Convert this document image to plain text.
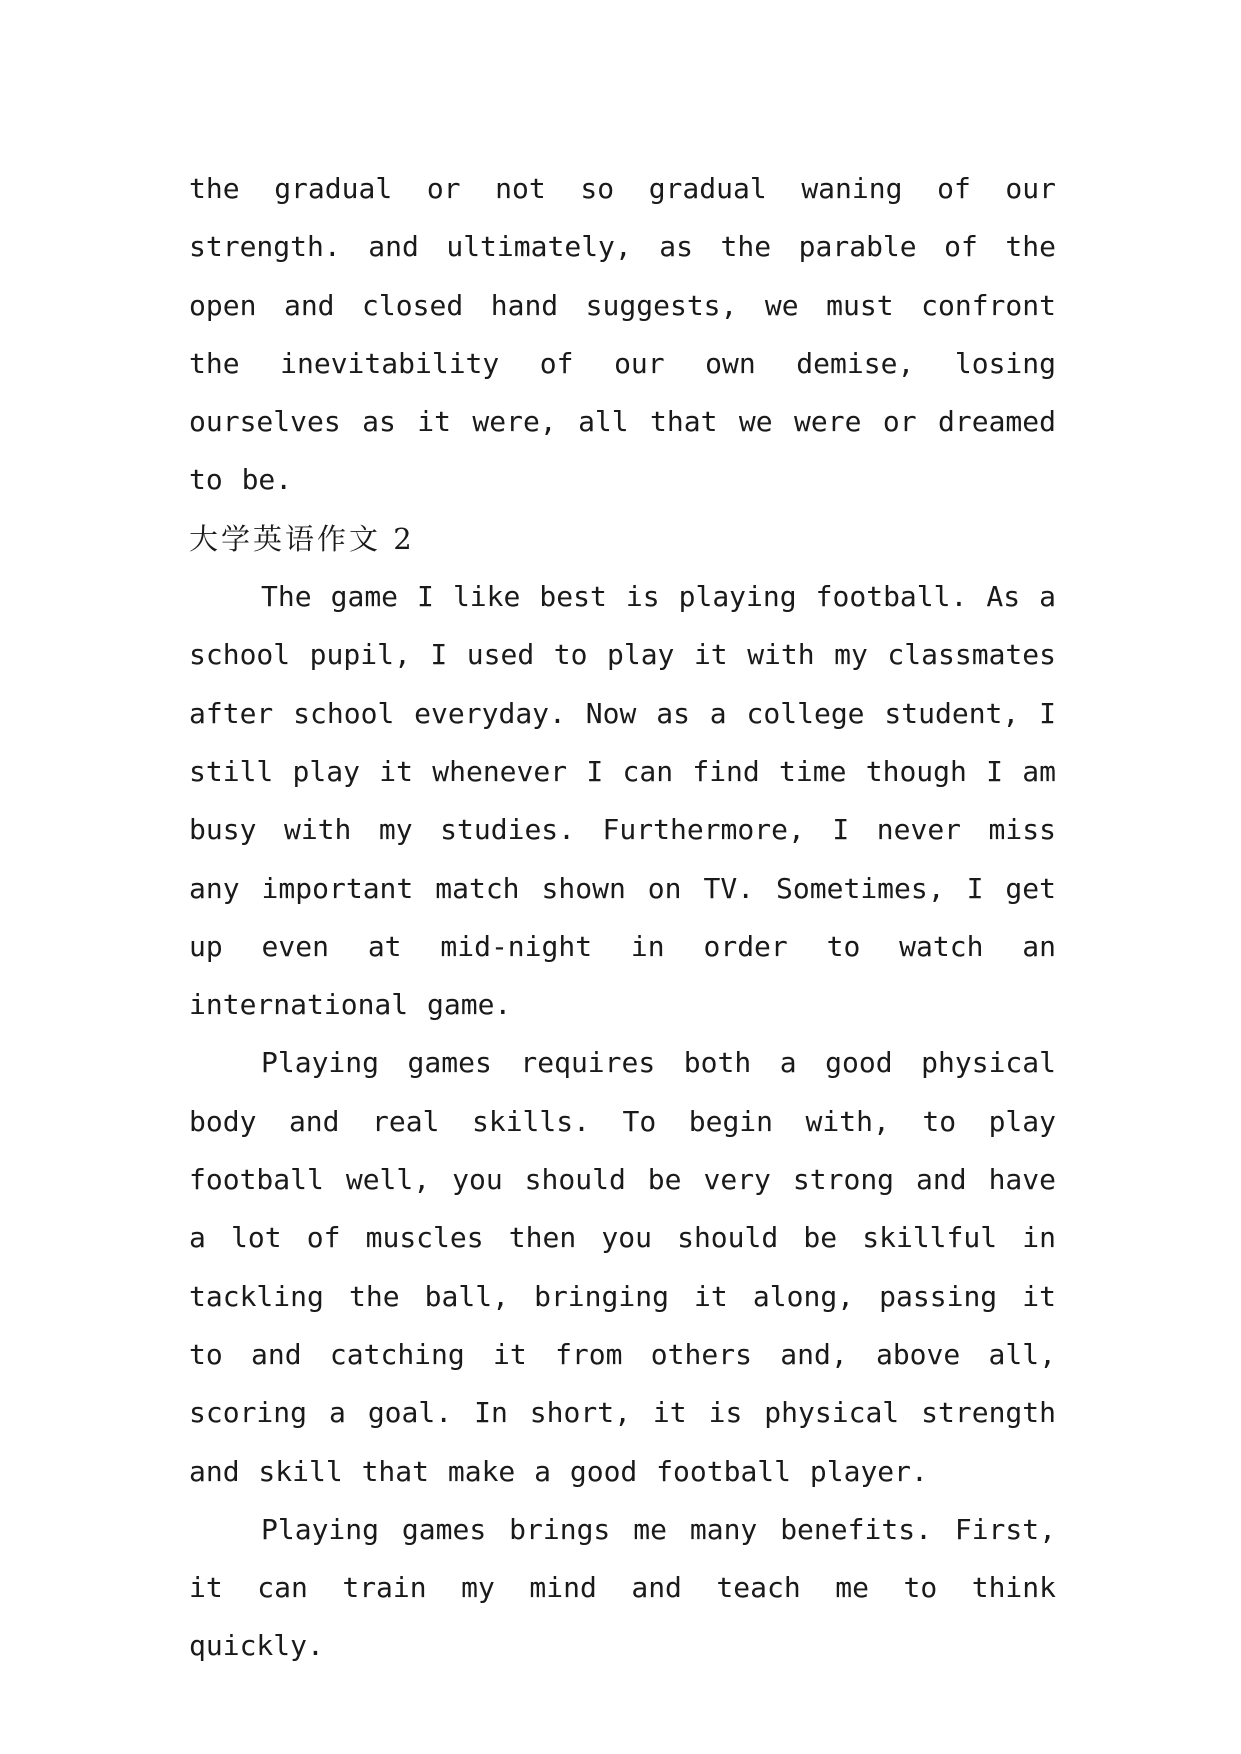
the gradual or not so gradual waning of our strength. and ultimately, as the parable of the open and closed hand suggests, we must confront the inevitability of our own demise, losing ourselves as it were, all that we were or dreamed to be.

大学英语作文 2

The game I like best is playing football. As a school pupil, I used to play it with my classmates after school everyday. Now as a college student, I still play it whenever I can find time though I am busy with my studies. Furthermore, I never miss any important match shown on TV. Sometimes, I get up even at mid-night in order to watch an international game.

Playing games requires both a good physical body and real skills. To begin with, to play football well, you should be very strong and have a lot of muscles then you should be skillful in tackling the ball, bringing it along, passing it to and catching it from others and, above all, scoring a goal. In short, it is physical strength and skill that make a good football player.

Playing games brings me many benefits. First, it can train my mind and teach me to think quickly.
